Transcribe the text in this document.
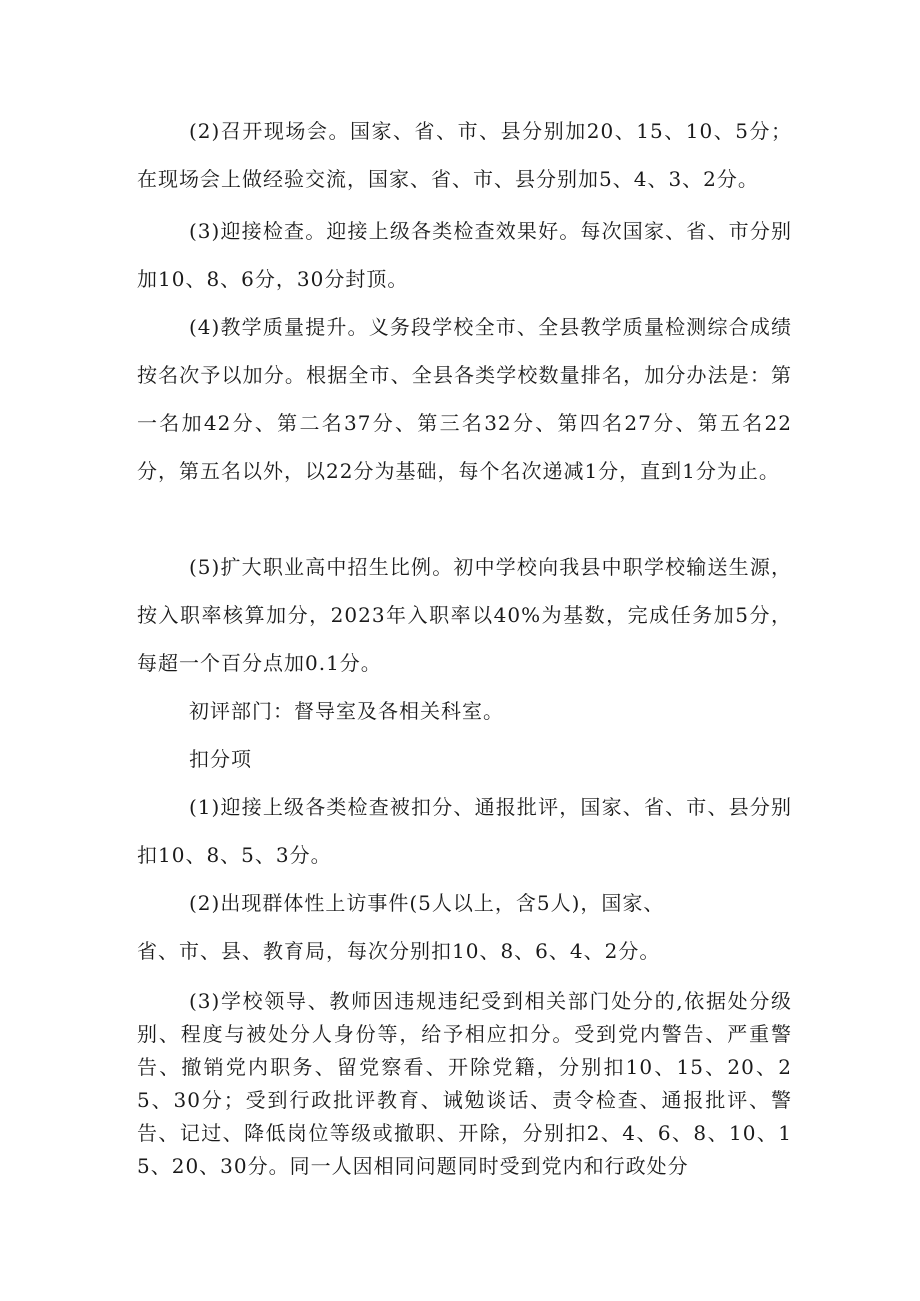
(2)召开现场会。国家、省、市、县分别加20、15、10、5分；在现场会上做经验交流，国家、省、市、县分别加5、4、3、2分。

(3)迎接检查。迎接上级各类检查效果好。每次国家、省、市分别加10、8、6分，30分封顶。

(4)教学质量提升。义务段学校全市、全县教学质量检测综合成绩按名次予以加分。根据全市、全县各类学校数量排名，加分办法是：第一名加42分、第二名37分、第三名32分、第四名27分、第五名22分，第五名以外，以22分为基础，每个名次递减1分，直到1分为止。

(5)扩大职业高中招生比例。初中学校向我县中职学校输送生源，按入职率核算加分，2023年入职率以40%为基数，完成任务加5分，每超一个百分点加0.1分。

初评部门：督导室及各相关科室。

扣分项

(1)迎接上级各类检查被扣分、通报批评，国家、省、市、县分别扣10、8、5、3分。

(2)出现群体性上访事件(5人以上，含5人)，国家、

省、市、县、教育局，每次分别扣10、8、6、4、2分。

(3)学校领导、教师因违规违纪受到相关部门处分的,依据处分级别、程度与被处分人身份等，给予相应扣分。受到党内警告、严重警告、撤销党内职务、留党察看、开除党籍，分别扣10、15、20、25、30分；受到行政批评教育、诫勉谈话、责令检查、通报批评、警告、记过、降低岗位等级或撤职、开除，分别扣2、4、6、8、10、15、20、30分。同一人因相同问题同时受到党内和行政处分
